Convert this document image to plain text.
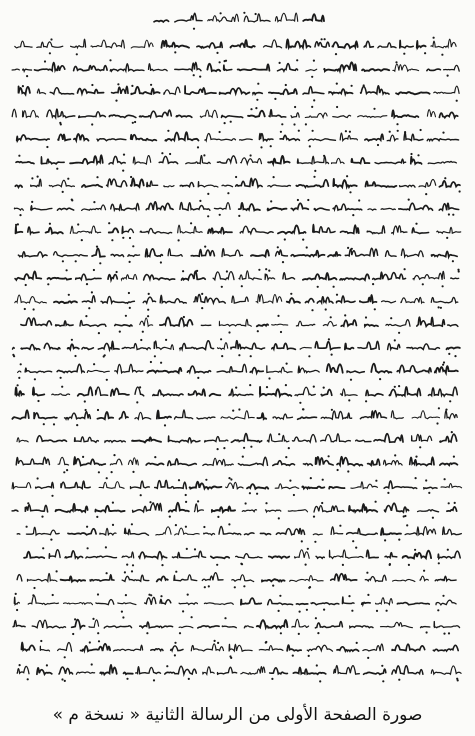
صورة الصفحة الأولى من الرسالة الثانية « نسخة م »
